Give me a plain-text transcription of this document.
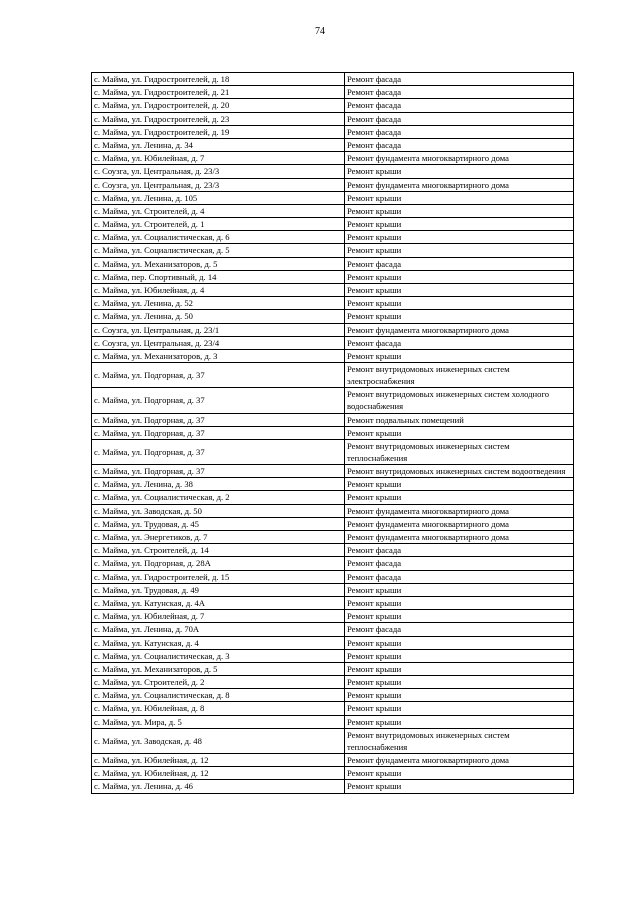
74
с. Майма, ул. Гидростроителей, д. 18	Ремонт фасада
с. Майма, ул. Гидростроителей, д. 21	Ремонт фасада
с. Майма, ул. Гидростроителей, д. 20	Ремонт фасада
с. Майма, ул. Гидростроителей, д. 23	Ремонт фасада
с. Майма, ул. Гидростроителей, д. 19	Ремонт фасада
с. Майма, ул. Ленина, д. 34	Ремонт фасада
с. Майма, ул. Юбилейная, д. 7	Ремонт фундамента многоквартирного дома
с. Соузга, ул. Центральная, д. 23/3	Ремонт крыши
с. Соузга, ул. Центральная, д. 23/3	Ремонт фундамента многоквартирного дома
с. Майма, ул. Ленина, д. 105	Ремонт крыши
с. Майма, ул. Строителей, д. 4	Ремонт крыши
с. Майма, ул. Строителей, д. 1	Ремонт крыши
с. Майма, ул. Социалистическая, д. 6	Ремонт крыши
с. Майма, ул. Социалистическая, д. 5	Ремонт крыши
с. Майма, ул. Механизаторов, д. 5	Ремонт фасада
с. Майма, пер. Спортивный, д. 14	Ремонт крыши
с. Майма, ул. Юбилейная, д. 4	Ремонт крыши
с. Майма, ул. Ленина, д. 52	Ремонт крыши
с. Майма, ул. Ленина, д. 50	Ремонт крыши
с. Соузга, ул. Центральная, д. 23/1	Ремонт фундамента многоквартирного дома
с. Соузга, ул. Центральная, д. 23/4	Ремонт фасада
с. Майма, ул. Механизаторов, д. 3	Ремонт крыши
с. Майма, ул. Подгорная, д. 37	Ремонт внутридомовых инженерных систем электроснабжения
с. Майма, ул. Подгорная, д. 37	Ремонт внутридомовых инженерных систем холодного водоснабжения
с. Майма, ул. Подгорная, д. 37	Ремонт подвальных помещений
с. Майма, ул. Подгорная, д. 37	Ремонт крыши
с. Майма, ул. Подгорная, д. 37	Ремонт внутридомовых инженерных систем теплоснабжения
с. Майма, ул. Подгорная, д. 37	Ремонт внутридомовых инженерных систем водоотведения
с. Майма, ул. Ленина, д. 38	Ремонт крыши
с. Майма, ул. Социалистическая, д. 2	Ремонт крыши
с. Майма, ул. Заводская, д. 50	Ремонт фундамента многоквартирного дома
с. Майма, ул. Трудовая, д. 45	Ремонт фундамента многоквартирного дома
с. Майма, ул. Энергетиков, д. 7	Ремонт фундамента многоквартирного дома
с. Майма, ул. Строителей, д. 14	Ремонт фасада
с. Майма, ул. Подгорная, д. 28А	Ремонт фасада
с. Майма, ул. Гидростроителей, д. 15	Ремонт фасада
с. Майма, ул. Трудовая, д. 49	Ремонт крыши
с. Майма, ул. Катунская, д. 4А	Ремонт крыши
с. Майма, ул. Юбилейная, д. 7	Ремонт крыши
с. Майма, ул. Ленина, д. 70А	Ремонт фасада
с. Майма, ул. Катунская, д. 4	Ремонт крыши
с. Майма, ул. Социалистическая, д. 3	Ремонт крыши
с. Майма, ул. Механизаторов, д. 5	Ремонт крыши
с. Майма, ул. Строителей, д. 2	Ремонт крыши
с. Майма, ул. Социалистическая, д. 8	Ремонт крыши
с. Майма, ул. Юбилейная, д. 8	Ремонт крыши
с. Майма, ул. Мира, д. 5	Ремонт крыши
с. Майма, ул. Заводская, д. 48	Ремонт внутридомовых инженерных систем теплоснабжения
с. Майма, ул. Юбилейная, д. 12	Ремонт фундамента многоквартирного дома
с. Майма, ул. Юбилейная, д. 12	Ремонт крыши
с. Майма, ул. Ленина, д. 46	Ремонт крыши
